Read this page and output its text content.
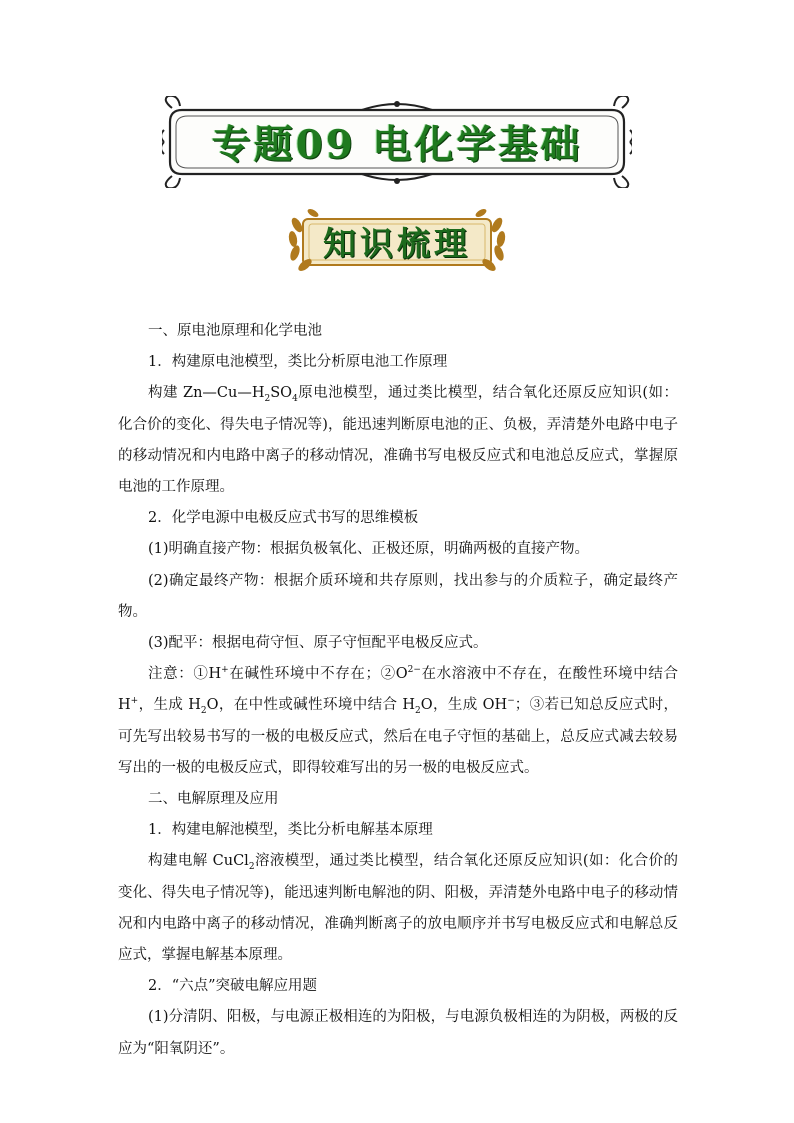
专题09 电化学基础
知识梳理

一、原电池原理和化学电池

1．构建原电池模型，类比分析原电池工作原理

构建 $Zn—Cu—H_2SO_4$原电池模型，通过类比模型，结合氧化还原反应知识(如：化合价的变化、得失电子情况等)，能迅速判断原电池的正、负极，弄清楚外电路中电子的移动情况和内电路中离子的移动情况，准确书写电极反应式和电池总反应式，掌握原电池的工作原理。

2．化学电源中电极反应式书写的思维模板

(1)明确直接产物：根据负极氧化、正极还原，明确两极的直接产物。

(2)确定最终产物：根据介质环境和共存原则，找出参与的介质粒子，确定最终产物。

(3)配平：根据电荷守恒、原子守恒配平电极反应式。

注意：①H+在碱性环境中不存在；$②O^{2-}$在水溶液中不存在，在酸性环境中结合 H+，生成 $H_2O$，在中性或碱性环境中结合 $H_2O$，生成 OH−；③若已知总反应式时，可先写出较易书写的一极的电极反应式，然后在电子守恒的基础上，总反应式减去较易写出的一极的电极反应式，即得较难写出的另一极的电极反应式。

二、电解原理及应用

1．构建电解池模型，类比分析电解基本原理

构建电解 CuCl$_2$溶液模型，通过类比模型，结合氧化还原反应知识(如：化合价的变化、得失电子情况等)，能迅速判断电解池的阴、阳极，弄清楚外电路中电子的移动情况和内电路中离子的移动情况，准确判断离子的放电顺序并书写电极反应式和电解总反应式，掌握电解基本原理。

2．“六点”突破电解应用题

(1)分清阴、阳极，与电源正极相连的为阳极，与电源负极相连的为阴极，两极的反应为“阳氧阴还”。
